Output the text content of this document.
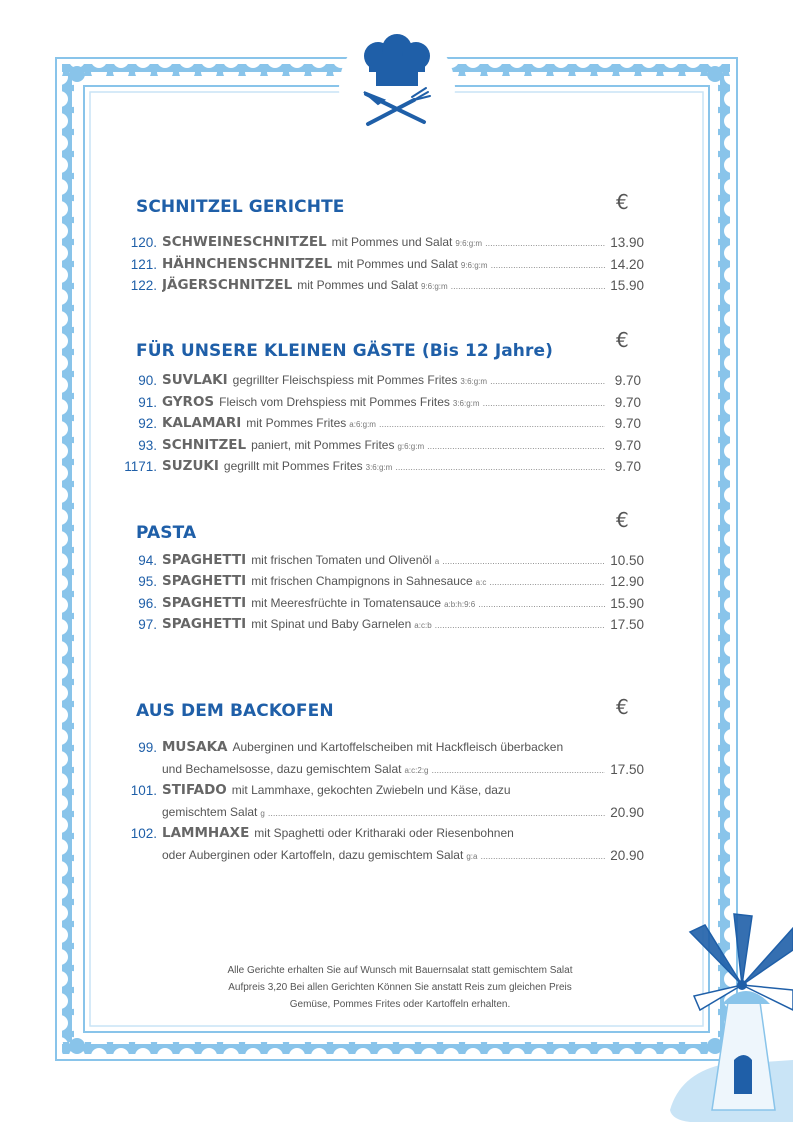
SCHNITZEL GERICHTE	€
120. SCHWEINESCHNITZEL mit Pommes und Salat 9:6:g:m .....	13.90
121. HÄHNCHENSCHNITZEL mit Pommes und Salat 9:6:g:m .....	14.20
122. JÄGERSCHNITZEL mit Pommes und Salat 9:6:g:m .....	15.90
FÜR UNSERE KLEINEN GÄSTE (Bis 12 Jahre)	€
90. SUVLAKI gegrillter Fleischspiess mit Pommes Frites 3:6:g:m .....	9.70
91. GYROS Fleisch vom Drehspiess mit Pommes Frites 3:6:g:m .....	9.70
92. KALAMARI mit Pommes Frites a:6:g:m .....	9.70
93. SCHNITZEL paniert, mit Pommes Frites g:6:g:m .....	9.70
1171. SUZUKI gegrillt mit Pommes Frites 3:6:g:m .....	9.70
PASTA
€
94. SPAGHETTI mit frischen Tomaten und Olivenöl a .....	10.50
95. SPAGHETTI mit frischen Champignons in Sahnesauce a:c .....	12.90
96. SPAGHETTI mit Meeresfrüchte in Tomatensauce a:b:h:9:6 .....	15.90
97. SPAGHETTI mit Spinat und Baby Garnelen a:c:b .....	17.50
AUS DEM BACKOFEN	€
99. MUSAKA Auberginen und Kartoffelscheiben mit Hackfleisch überbacken
und Bechamelsosse, dazu gemischtem Salat a:c:2:g .....	17.50
101. STIFADO mit Lammhaxe, gekochten Zwiebeln und Käse, dazu
gemischtem Salat g .....	20.90
102. LAMMHAXE mit Spaghetti oder Kritharaki oder Riesenbohnen
oder Auberginen oder Kartoffeln, dazu gemischtem Salat g:a .....	20.90
Alle Gerichte erhalten Sie auf Wunsch mit Bauernsalat statt gemischtem Salat
Aufpreis 3,20 Bei allen Gerichten Können Sie anstatt Reis zum gleichen Preis
Gemüse, Pommes Frites oder Kartoffeln erhalten.
